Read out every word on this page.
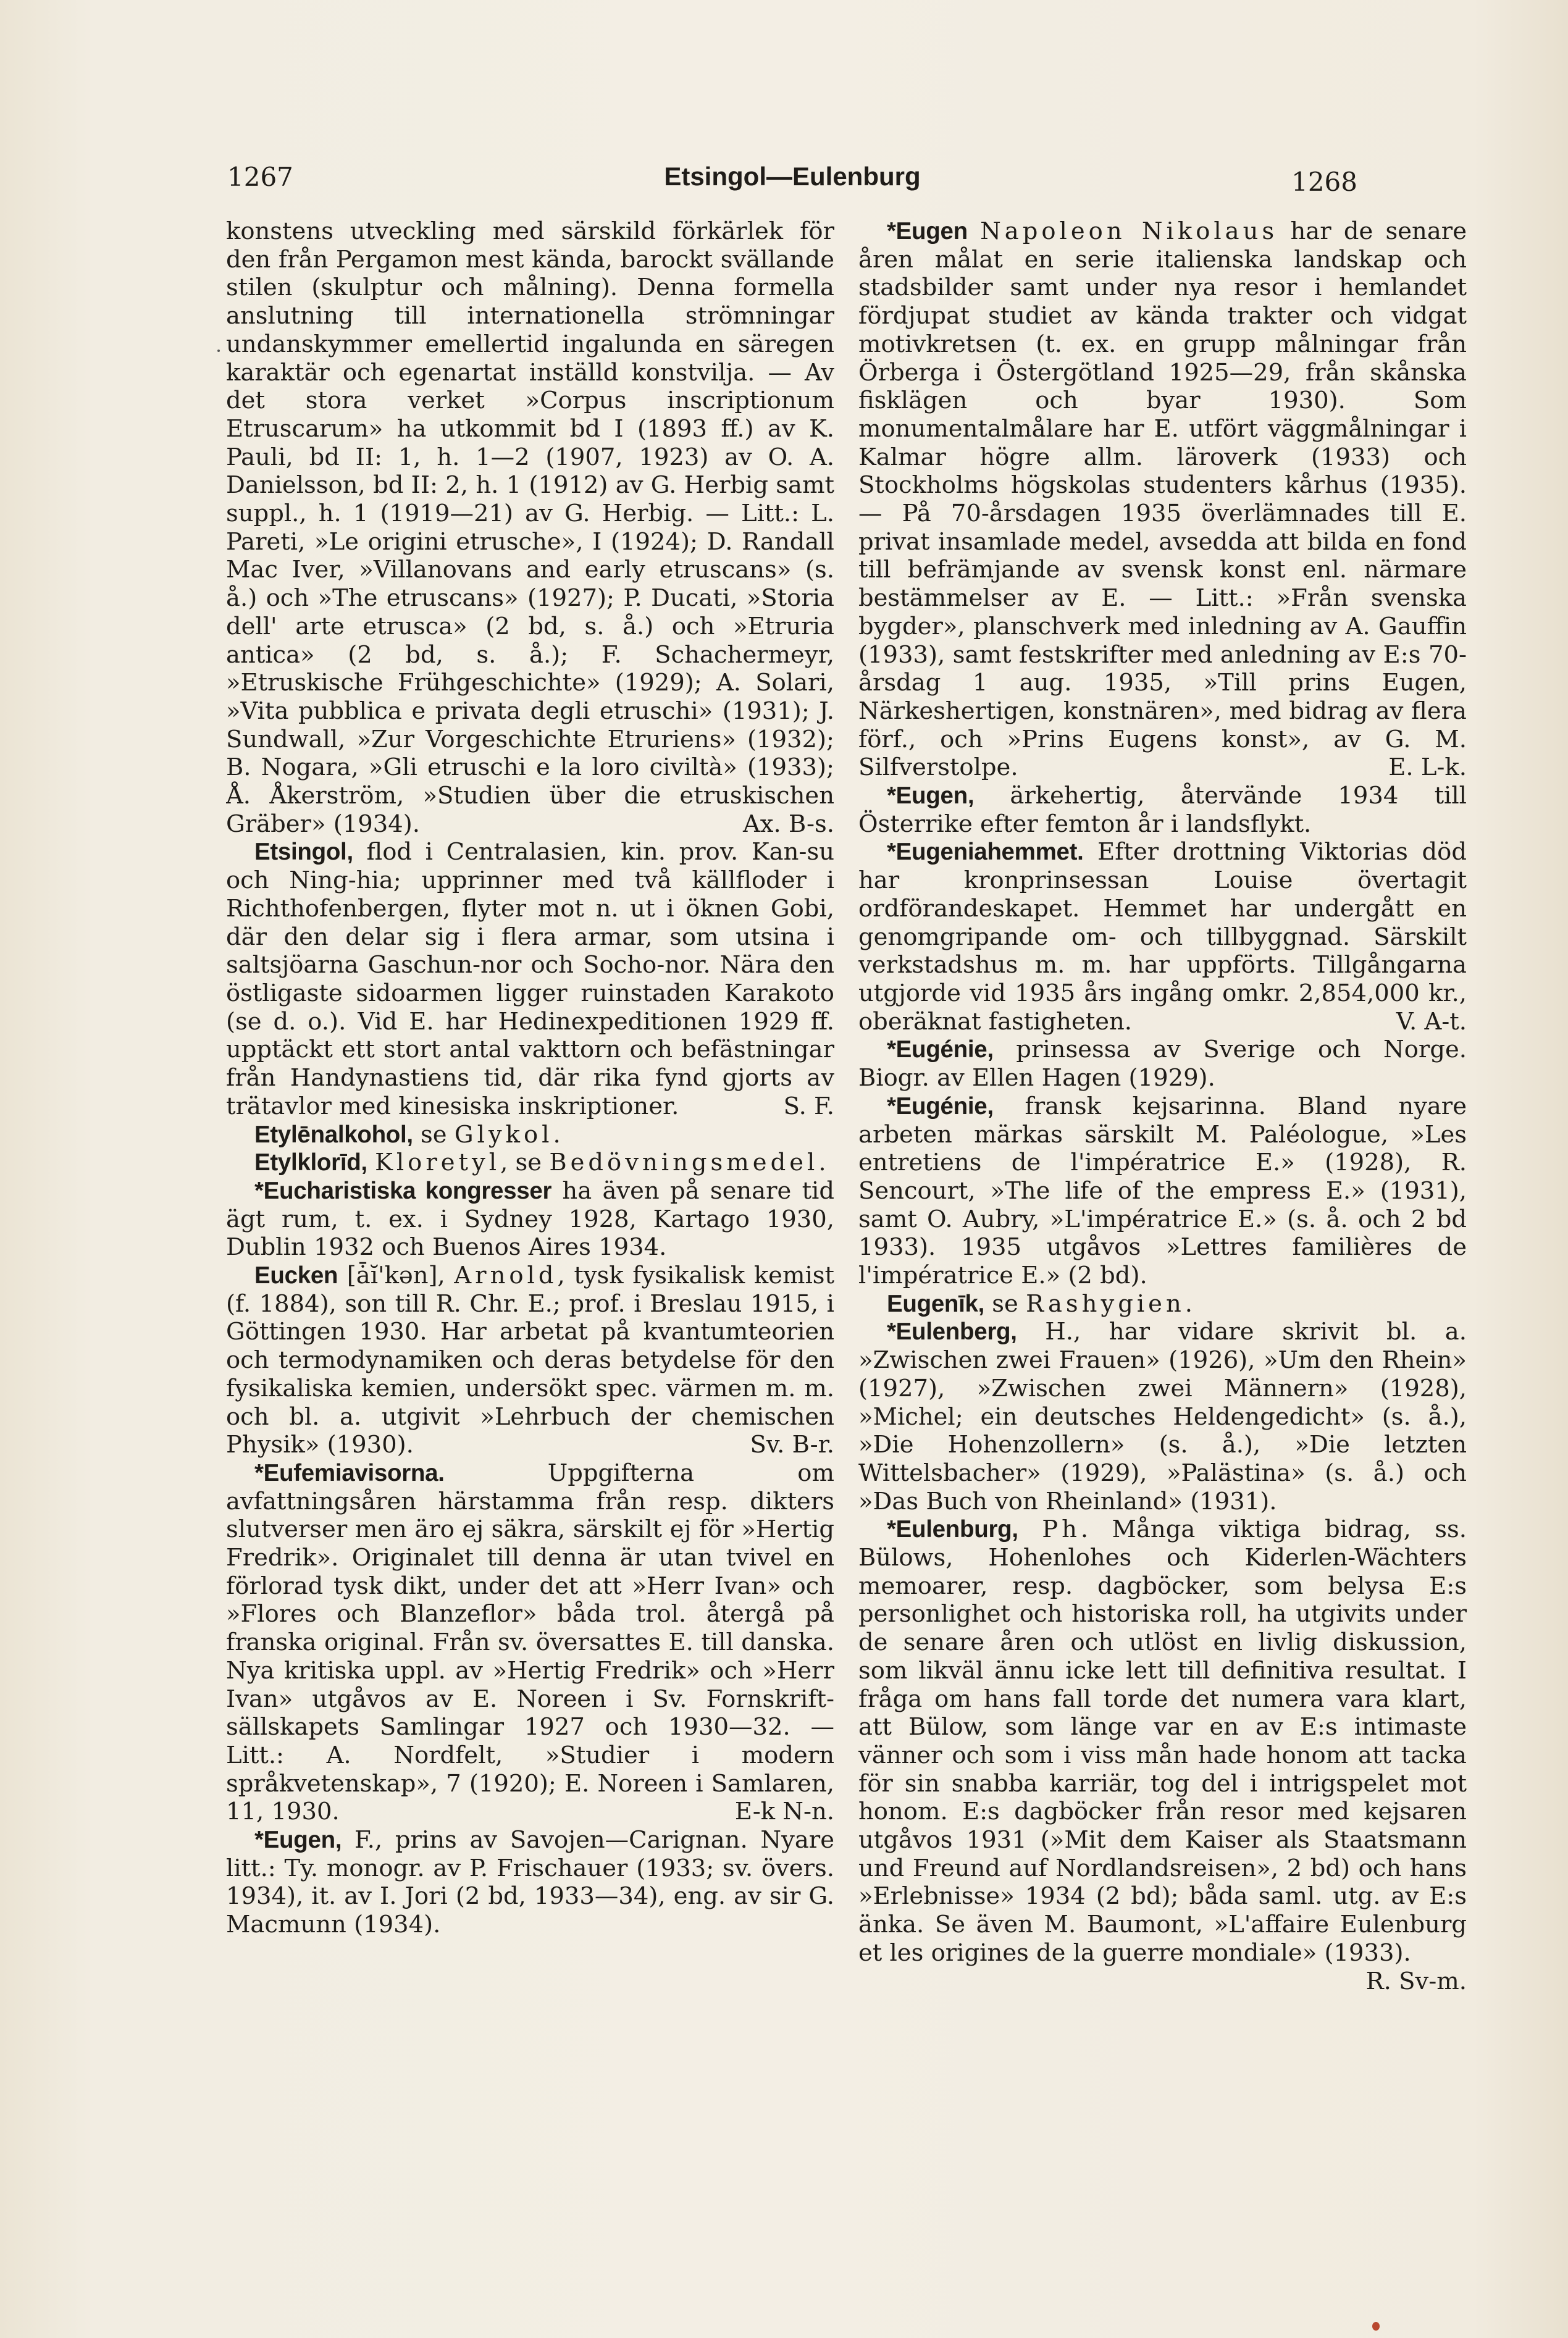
1267	Etsingol—Eulenburg	1268

konstens utveckling med särskild förkärlek för den från Pergamon mest kända, barockt svällande stilen (skulptur och målning). Denna formella anslutning till internationella strömningar undanskymmer emellertid ingalunda en säregen karaktär och egenartat inställd konstvilja. — Av det stora verket »Corpus inscriptionum Etruscarum» ha utkommit bd I (1893 ff.) av K. Pauli, bd II: 1, h. 1—2 (1907, 1923) av O. A. Danielsson, bd II: 2, h. 1 (1912) av G. Herbig samt suppl., h. 1 (1919—21) av G. Herbig. — Litt.: L. Pareti, »Le origini etrusche», I (1924); D. Randall Mac Iver, »Villanovans and early etruscans» (s. å.) och »The etruscans» (1927); P. Ducati, »Storia dell' arte etrusca» (2 bd, s. å.) och »Etruria antica» (2 bd, s. å.); F. Schachermeyr, »Etruskische Frühgeschichte» (1929); A. Solari, »Vita pubblica e privata degli etruschi» (1931); J. Sundwall, »Zur Vorgeschichte Etruriens» (1932); B. Nogara, »Gli etruschi e la loro civiltà» (1933); Å. Åkerström, »Studien über die etruskischen Gräber» (1934).	Ax. B-s.

Etsingol, flod i Centralasien, kin. prov. Kan-su och Ning-hia; upprinner med två källfloder i Richthofenbergen, flyter mot n. ut i öknen Gobi, där den delar sig i flera armar, som utsina i saltsjöarna Gaschun-nor och Socho-nor. Nära den östligaste sidoarmen ligger ruinstaden Karakoto (se d. o.). Vid E. har Hedinexpeditionen 1929 ff. upptäckt ett stort antal vakttorn och befästningar från Handynastiens tid, där rika fynd gjorts av trätavlor med kinesiska inskriptioner.	S. F.

Etylēnalkohol, se Glykol.

Etylklorīd, Kloretyl, se Bedövningsmedel.

*Eucharistiska kongresser ha även på senare tid ägt rum, t. ex. i Sydney 1928, Kartago 1930, Dublin 1932 och Buenos Aires 1934.

Eucken [ǡĭ'kən], Arnold, tysk fysikalisk kemist (f. 1884), son till R. Chr. E.; prof. i Breslau 1915, i Göttingen 1930. Har arbetat på kvantumteorien och termodynamiken och deras betydelse för den fysikaliska kemien, undersökt spec. värmen m. m. och bl. a. utgivit »Lehrbuch der chemischen Physik» (1930).	Sv. B-r.

*Eufemiavisorna. Uppgifterna om avfattningsåren härstamma från resp. dikters slutverser men äro ej säkra, särskilt ej för »Hertig Fredrik». Originalet till denna är utan tvivel en förlorad tysk dikt, under det att »Herr Ivan» och »Flores och Blanzeflor» båda trol. återgå på franska original. Från sv. översattes E. till danska. Nya kritiska uppl. av »Hertig Fredrik» och »Herr Ivan» utgåvos av E. Noreen i Sv. Fornskrift-sällskapets Samlingar 1927 och 1930—32. — Litt.: A. Nordfelt, »Studier i modern språkvetenskap», 7 (1920); E. Noreen i Samlaren, 11, 1930.	E-k N-n.

*Eugen, F., prins av Savojen—Carignan. Nyare litt.: Ty. monogr. av P. Frischauer (1933; sv. övers. 1934), it. av I. Jori (2 bd, 1933—34), eng. av sir G. Macmunn (1934).

*Eugen Napoleon Nikolaus har de senare åren målat en serie italienska landskap och stadsbilder samt under nya resor i hemlandet fördjupat studiet av kända trakter och vidgat motivkretsen (t. ex. en grupp målningar från Örberga i Östergötland 1925—29, från skånska fisklägen och byar 1930). Som monumentalmålare har E. utfört väggmålningar i Kalmar högre allm. läroverk (1933) och Stockholms högskolas studenters kårhus (1935). — På 70-årsdagen 1935 överlämnades till E. privat insamlade medel, avsedda att bilda en fond till befrämjande av svensk konst enl. närmare bestämmelser av E. — Litt.: »Från svenska bygder», planschverk med inledning av A. Gauffin (1933), samt festskrifter med anledning av E:s 70-årsdag 1 aug. 1935, »Till prins Eugen, Närkeshertigen, konstnären», med bidrag av flera förf., och »Prins Eugens konst», av G. M. Silfverstolpe.	E. L-k.

*Eugen, ärkehertig, återvände 1934 till Österrike efter femton år i landsflykt.

*Eugeniahemmet. Efter drottning Viktorias död har kronprinsessan Louise övertagit ordförandeskapet. Hemmet har undergått en genomgripande om- och tillbyggnad. Särskilt verkstadshus m. m. har uppförts. Tillgångarna utgjorde vid 1935 års ingång omkr. 2,854,000 kr., oberäknat fastigheten.	V. A-t.

*Eugénie, prinsessa av Sverige och Norge. Biogr. av Ellen Hagen (1929).

*Eugénie, fransk kejsarinna. Bland nyare arbeten märkas särskilt M. Paléologue, »Les entretiens de l'impératrice E.» (1928), R. Sencourt, »The life of the empress E.» (1931), samt O. Aubry, »L'impératrice E.» (s. å. och 2 bd 1933). 1935 utgåvos »Lettres familières de l'impératrice E.» (2 bd).

Eugenīk, se Rashygien.

*Eulenberg, H., har vidare skrivit bl. a. »Zwischen zwei Frauen» (1926), »Um den Rhein» (1927), »Zwischen zwei Männern» (1928), »Michel; ein deutsches Heldengedicht» (s. å.), »Die Hohenzollern» (s. å.), »Die letzten Wittelsbacher» (1929), »Palästina» (s. å.) och »Das Buch von Rheinland» (1931).

*Eulenburg, Ph. Många viktiga bidrag, ss. Bülows, Hohenlohes och Kiderlen-Wächters memoarer, resp. dagböcker, som belysa E:s personlighet och historiska roll, ha utgivits under de senare åren och utlöst en livlig diskussion, som likväl ännu icke lett till definitiva resultat. I fråga om hans fall torde det numera vara klart, att Bülow, som länge var en av E:s intimaste vänner och som i viss mån hade honom att tacka för sin snabba karriär, tog del i intrigspelet mot honom. E:s dagböcker från resor med kejsaren utgåvos 1931 (»Mit dem Kaiser als Staatsmann und Freund auf Nordlandsreisen», 2 bd) och hans »Erlebnisse» 1934 (2 bd); båda saml. utg. av E:s änka. Se även M. Baumont, »L'affaire Eulenburg et les origines de la guerre mondiale» (1933).
R. Sv-m.
